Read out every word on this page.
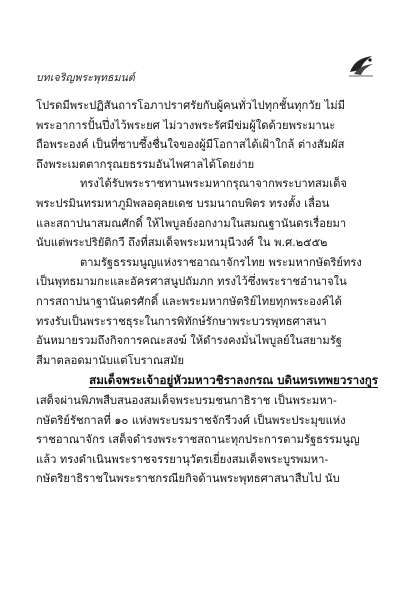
บทเจริญพระพุทธมนต์
โปรดมีพระปฏิสันถารโอภาปราศรัยกับผู้คนทั่วไปทุกชั้นทุกวัย ไม่มี
พระอาการปั้นปึ่งไว้พระยศ ไม่วางพระรัศมีข่มผู้ใดด้วยพระมานะ
ถือพระองค์ เป็นที่ซาบซึ้งชื่นใจของผู้มีโอกาสได้เฝ้าใกล้ ต่างสัมผัส
ถึงพระเมตตากรุณยธรรมอันไพศาลได้โดยง่าย
ทรงได้รับพระราชทานพระมหากรุณาจากพระบาทสมเด็จ
พระปรมินทรมหาภูมิพลอดุลยเดช บรมนาถบพิตร ทรงตั้ง เลื่อน
และสถาปนาสมณศักดิ์ ให้ไพบูลย์งอกงามในสมณฐานันดรเรื่อยมา
นับแต่พระปริยัติกวี ถึงที่สมเด็จพระมหามุนีวงศ์ ใน พ.ศ.๒๕๕๒
ตามรัฐธรรมนูญแห่งราชอาณาจักรไทย พระมหากษัตริย์ทรง
เป็นพุทธมามกะและอัครศาสนูปถัมภก ทรงไว้ซึ่งพระราชอำนาจใน
การสถาปนาฐานันดรศักดิ์ และพระมหากษัตริย์ไทยทุกพระองค์ได้
ทรงรับเป็นพระราชธุระในการพิทักษ์รักษาพระบวรพุทธศาสนา
อันหมายรวมถึงกิจการคณะสงฆ์ ให้ดำรงคงมั่นไพบูลย์ในสยามรัฐ
สีมาตลอดมานับแต่โบราณสมัย
สมเด็จพระเจ้าอยู่หัวมหาวชิราลงกรณ บดินทรเทพยวรางกูร
เสด็จผ่านพิภพสืบสนองสมเด็จพระบรมชนกาธิราช เป็นพระมหา-
กษัตริย์รัชกาลที่ ๑๐ แห่งพระบรมราชจักรีวงศ์ เป็นพระประมุขแห่ง
ราชอาณาจักร เสด็จดำรงพระราชสถานะทุกประการตามรัฐธรรมนูญ
แล้ว ทรงดำเนินพระราชจรรยานุวัตรเยี่ยงสมเด็จพระบูรพมหา-
กษัตริยาธิราชในพระราชกรณียกิจด้านพระพุทธศาสนาสืบไป นับ
